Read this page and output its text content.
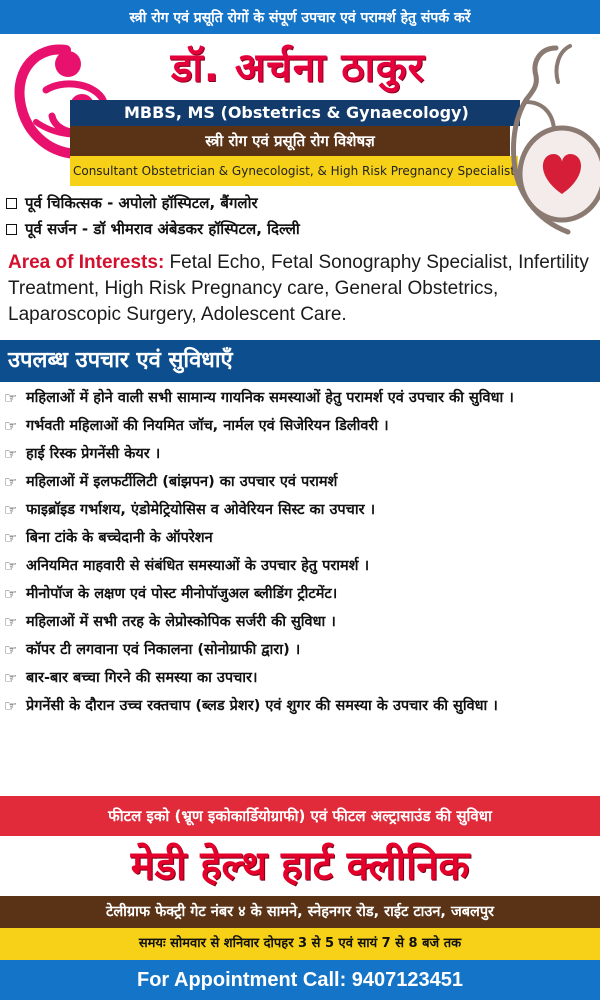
स्त्री रोग एवं प्रसूति रोगों के संपूर्ण उपचार एवं परामर्श हेतु संपर्क करें
डॉ. अर्चना ठाकुर
MBBS, MS (Obstetrics & Gynaecology)
स्त्री रोग एवं प्रसूति रोग विशेषज्ञ
Consultant Obstetrician & Gynecologist, & High Risk Pregnancy Specialist
पूर्व चिकित्सक - अपोलो हॉस्पिटल, बैंगलोर
पूर्व सर्जन - डॉ भीमराव अंबेडकर हॉस्पिटल, दिल्ली
Area of Interests: Fetal Echo, Fetal Sonography Specialist, Infertility Treatment, High Risk Pregnancy care, General Obstetrics, Laparoscopic Surgery, Adolescent Care.
उपलब्ध उपचार एवं सुविधाएँ
☞ महिलाओं में होने वाली सभी सामान्य गायनिक समस्याओं हेतु परामर्श एवं उपचार की सुविधा ।
☞ गर्भवती महिलाओं की नियमित जॉच, नार्मल एवं सिजेरियन डिलीवरी ।
☞ हाई रिस्क प्रेगनेंसी केयर ।
☞ महिलाओं में इलफर्टीलिटी (बांझपन) का उपचार एवं परामर्श
☞ फाइब्रॉइड गर्भाशय, एंडोमेट्रियोसिस व ओवेरियन सिस्ट का उपचार ।
☞ बिना टांके के बच्चेदानी के ऑपरेशन
☞ अनियमित माहवारी से संबंधित समस्याओं के उपचार हेतु परामर्श ।
☞ मीनोपॉज के लक्षण एवं पोस्ट मीनोपॉजुअल ब्लीडिंग ट्रीटमेंट।
☞ महिलाओं में सभी तरह के लेप्रोस्कोपिक सर्जरी की सुविधा ।
☞ कॉपर टी लगवाना एवं निकालना (सोनोग्राफी द्वारा) ।
☞ बार-बार बच्चा गिरने की समस्या का उपचार।
☞ प्रेगनेंसी के दौरान उच्च रक्तचाप (ब्लड प्रेशर) एवं शुगर की समस्या के उपचार की सुविधा ।
फीटल इको (भ्रूण इकोकार्डियोग्राफी) एवं फीटल अल्ट्रासाउंड की सुविधा
मेडी हेल्थ हार्ट क्लीनिक
टेलीग्राफ फेक्ट्री गेट नंबर ४ के सामने, स्नेहनगर रोड, राईट टाउन, जबलपुर
समयः सोमवार से शनिवार दोपहर 3 से 5 एवं सायं 7 से 8 बजे तक
For Appointment Call: 9407123451
